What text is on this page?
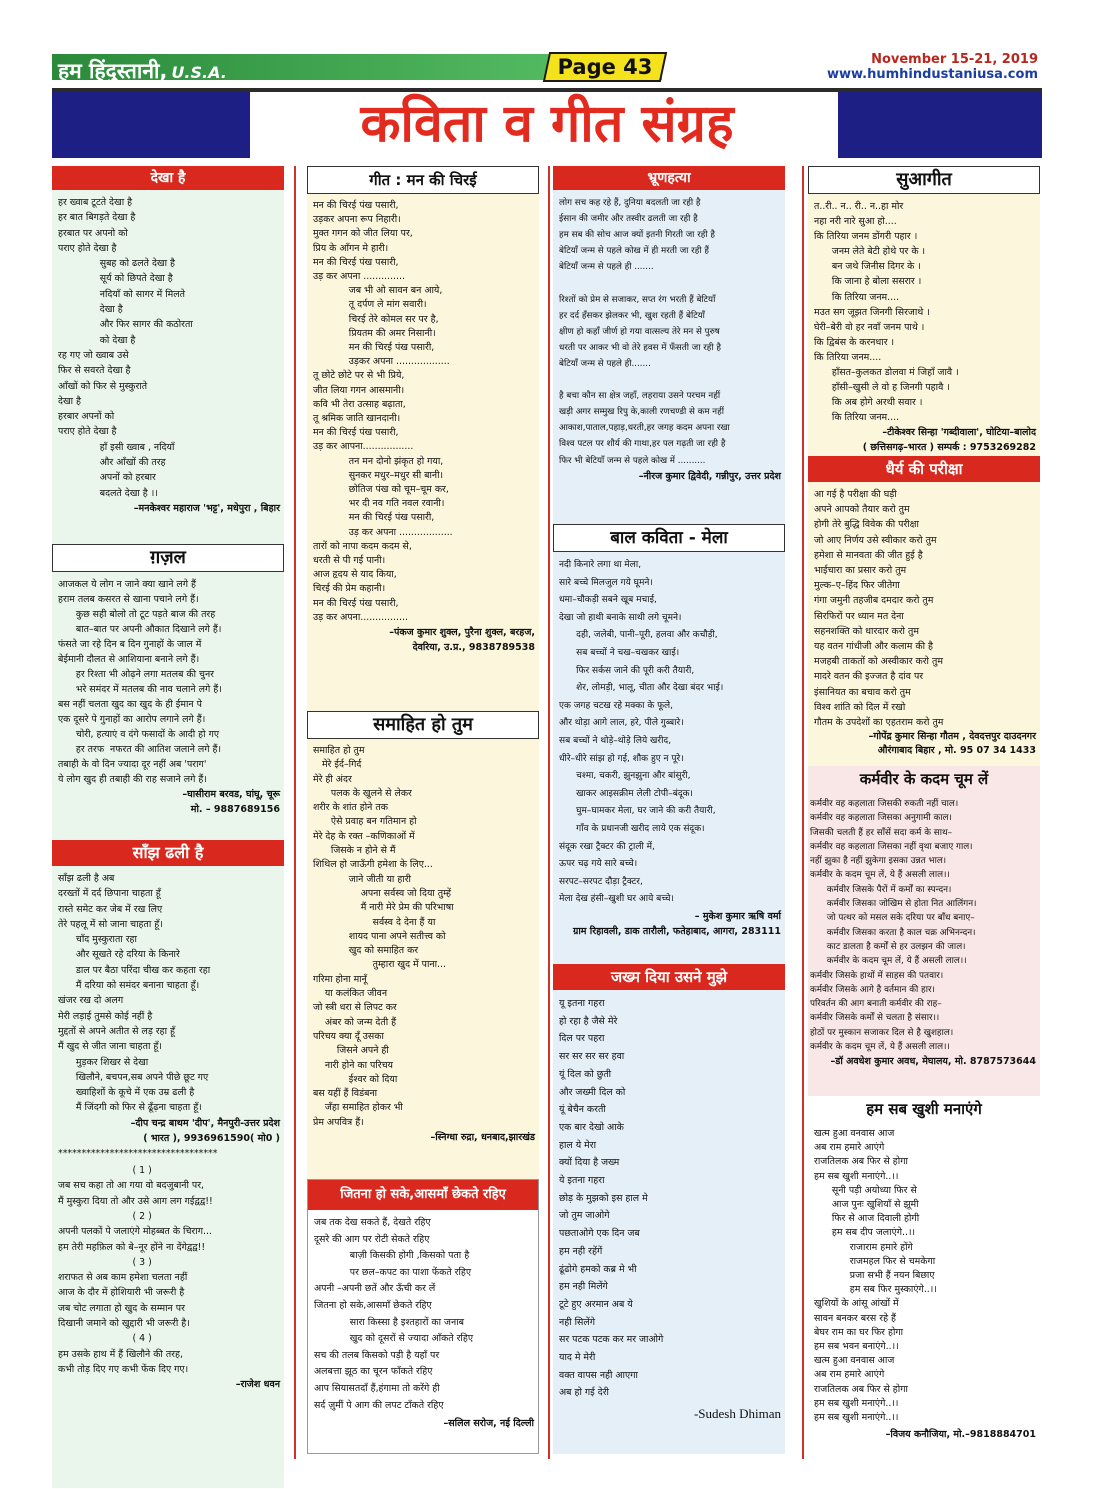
हम हिंदुस्तानी, U.S.A.	Page 43	November 15-21, 2019
www.humhindustaniusa.com
कविता व गीत संग्रह
देखा है
हर ख्वाब टूटते देखा है
हर बात बिगड़ते देखा है
हरबात पर अपनो को
पराए होते देखा है
सुबह को ढलते देखा है
सूर्य को छिपते देखा है
नदियाँ को सागर में मिलते
देखा है
और फिर सागर की कठोरता
को देखा है
रह गए जो ख्वाब उसे
फिर से सवरते देखा है
आँखों को फिर से मुस्कुराते
देखा है
हरबार अपनों को
पराए होते देखा है
हाँ इसी ख्वाब , नदियाँ
और आँखों की तरह
अपनों को हरबार
बदलते देखा है ।।
–मनकेश्वर महाराज 'भट्ट', मधेपुरा , बिहार
ग़ज़ल
आजकल ये लोग न जाने क्या खाने लगे हैं
हराम तलब कसरत से खाना पचाने लगे हैं।
कुछ सही बोलो तो टूट पड़ते बाज की तरह
बात–बात पर अपनी औकात दिखाने लगे हैं।
फंसते जा रहे दिन ब दिन गुनाहों के जाल में
बेईमानी दौलत से आशियाना बनाने लगे हैं।
हर रिश्ता भी ओढ़ने लगा मतलब की चुनर
भरे समंदर में मतलब की नाव चलाने लगे हैं।
बस नहीं चलता खुद का खुद के ही ईमान पे
एक दूसरे पे गुनाहों का आरोप लगाने लगे हैं।
चोरी, हत्याएं व दंगे फसादों के आदी हो गए
हर तरफ  नफरत की आतिश जलाने लगे हैं।
तबाही के वो दिन ज्यादा दूर नहीं अब 'पराग'
ये लोग खुद ही तबाही की राह सजाने लगे हैं।
–घासीराम बरवड, घांघू, चूरू
मो. – 9887689156
साँझ ढली है
साँझ ढली है अब
दरख्तों में दर्द छिपाना चाहता हूँ
रास्ते समेट कर जेब में रख लिए
तेरे पहलू में सो जाना चाहता हूँ।
चाँद मुस्कुराता रहा
और सूखते रहे दरिया के किनारे
डाल पर बैठा परिंदा चीख कर कहता रहा
मैं दरिया को समंदर बनाना चाहता हूँ।
खंजर रख दो अलग
मेरी लड़ाई तुमसे कोई नहीं है
मुद्दतों से अपने अतीत से लड़ रहा हूँ
मैं खुद से जीत जाना चाहता हूँ।
मुड़कर शिखर से देखा
खिलौने, बचपन,सब अपने पीछे छूट गए
ख्वाहिशों के कूचे में एक उम्र ढली है
मैं जिंदगी को फिर से ढूँढ़ना चाहता हूँ।
–दीप चन्द्र बाथम 'दीप', मैनपुरी-उत्तर प्रदेश
( भारत ), 9936961590( मो0 )
**********************************
( 1 )
जब सच कहा तो आ गया वो बदजुबानी पर,
मैं मुस्कुरा दिया तो और उसे आग लग गईद्वद्व!!
( 2 )
अपनी पलकों पे जलाएंगे मोहब्बत के चिराग...
हम तेरी महफ़िल को बे–नूर होंने ना देंगेद्वद्व!!
( 3 )
शराफत से अब काम हमेशा चलता नहीं
आज के दौर में होशियारी भी जरूरी है
जब चोट लगाता हो खुद के सम्मान पर
दिखानी जमाने को खुद्दारी भी जरूरी है।
( 4 )
हम उसके हाथ में हैं खिलौने की तरह,
कभी तोड़ दिए गए कभी फेंक दिए गए।
–राजेश धवन
गीत : मन की चिरई
मन की चिरई पंख पसारी,
उड़कर अपना रूप निहारी।
मुक्त गगन को जीत लिया पर,
प्रिय के आँगन मे हारी।
मन की चिरई पंख पसारी,
उड़ कर अपना ..............
जब भी ओ सावन बन आये,
तू दर्पण ले मांग सवारी।
चिरई तेरे कोमल सर पर है,
प्रियतम की अमर निसानी।
मन की चिरई पंख पसारी,
उड़कर अपना ..................
तू छोटे छोटे पर से भी प्रिये,
जीत लिया गगन आसमानी।
कवि भी तेरा उत्साह बढ़ाता,
तू श्रमिक जाति खानदानी।
मन की चिरई पंख पसारी,
उड़ कर आपना.................
तन मन दोनो झंकृत हो गया,
सुनकर मधुर–मधुर सी बानी।
छोतिज पंख को चूम–चूम कर,
भर दी नव गति नवल रवानी।
मन की चिरई पंख पसारी,
उड़ कर अपना ..................
तारों को नापा कदम कदम से,
धरती से पी गई पानी।
आज हृदय से याद किया,
चिरई की प्रेम कहानी।
मन की चिरई पंख पसारी,
उड़ कर अपना................
–पंकज कुमार शुक्ल, पुरैना शुक्ल, बरहज,
देवरिया, उ.प्र., 9838789538
समाहित हो तुम
समाहित हो तुम
मेरे ईर्द–गिर्द
मेरे ही अंदर
पलक के खुलने से लेकर
शरीर के शांत होने तक
ऐसे प्रवाह बन गतिमान हो
मेरे देह के रक्त –कणिकाओं में
जिसके न होने से मैं
शिथिल हो जाऊँगी हमेशा के लिए...
जाने जीती या हारी
अपना सर्वस्व जो दिया तुम्हें
मैं नारी मेरे प्रेम की परिभाषा
सर्वस्व दे देना हैं या
शायद पाना अपने सतीत्त्व को
खुद को समाहित कर
तुम्हारा खुद में पाना...
गरिमा होना मानूँ
या कलंकित जीवन
जो स्त्री धरा से लिपट कर
अंबर को जन्म देती हैं
परिचय क्या दूँ उसका
जिसने अपने ही
नारी होने का परिचय
ईश्वर को दिया
बस यहीं हैं विडंबना
जँहा समाहित होकर भी
प्रेम अपवित्र हैं।
–स्निग्धा रुद्रा, धनबाद,झारखंड
जितना हो सके,आसमाँ छेकते रहिए
जब तक देख सकते हैं, देखते रहिए
दूसरे की आग पर रोटी सेकते रहिए
बाज़ी किसकी होगी ,किसको पता है
पर छल–कपट का पाशा फेंकते रहिए
अपनी –अपनी छतें और ऊँची कर लें
जितना हो सके,आसमाँ छेकते रहिए
सारा किस्सा है इश्तहारों का जनाब
खुद को दूसरों से ज्यादा आँकते रहिए
सच की तलब किसको पड़ी है यहाँ पर
अलबत्ता झूठ का चूरन फाँकते रहिए
आप सियासतदाँ हैं,हंगामा तो करेंगे ही
सर्द ज़ुमीं पे आग की लपट टाँकते रहिए
–सलिल सरोज, नई दिल्ली
भ्रूणहत्या
लोग सच कह रहे हैं, दुनिया बदलती जा रही है
ईसान की जमीर और तस्वीर ढलती जा रही है
हम सब की सोच आज क्यों इतनी गिरती जा रही है
बेटियाँ जन्म से पहले कोख में ही मरती जा रही हैं
बेटियाँ जन्म से पहले ही .......

रिश्तों को प्रेम से सजाकर, सप्त रंग भरती हैं बेटियाँ
हर दर्द हँसकर झेलकर भी, खुश रहती हैं बेटियाँ
क्षीण हो कहाँ जीर्ण हो गया वात्सल्य तेरे मन से पुरुष
धरती पर आकर भी वो तेरे हवस में फँसती जा रही है
बेटियाँ जन्म से पहले ही.......

है बचा कौन सा क्षेत्र जहाँ, लहराया उसने परचम नहीं
खड़ी अगर सम्मुख रिपु के,काली रणचण्डी से कम नहीं
आकाश,पाताल,पहाड़,धरती,हर जगह कदम अपना रखा
विश्व पटल पर शौर्य की गाथा,हर पल गढ़ती जा रही है
फिर भी बेटियाँ जन्म से पहले कोख में ..........
–नीरज कुमार द्विवेदी, गन्नीपुर, उत्तर प्रदेश
बाल कविता - मेला
नदी किनारे लगा था मेला,
सारे बच्चे मिलजुल गये घूमने।
धमा–चौकड़ी सबने खूब मचाई,
देखा जो हाथी बनाके साथी लगे चूमने।
दही, जलेबी, पानी–पूरी, हलवा और कचौड़ी,
सब बच्चों ने चख–चखकर खाई।
फिर सर्कस जाने की पूरी करी तैयारी,
शेर, लोमड़ी, भालू, चीता और देखा बंदर भाई।
एक जगह चटख रहे मक्का के फूले,
और थोड़ा आगे लाल, हरे, पीले गुब्बारे।
सब बच्चों ने थोड़े–थोड़े लिये खरीद,
धीरे–धीरे सांझ हो गई, शौक हुए न पूरे।
चश्मा, चकरी, झुनझुना और बांसुरी,
खाकर आइसक्रीम लेली टोपी–बंदूक।
घुम–घामकर मेला, घर जाने की करी तैयारी,
गाँव के प्रधानजी खरीद लाये एक संदूक।
संदूक रखा ट्रैक्टर की ट्राली में,
ऊपर चढ़ गये सारे बच्चे।
सरपट–सरपट दौड़ा ट्रैक्टर,
मेला देख हंसी–खुशी घर आये बच्चे।
– मुकेश कुमार ऋषि वर्मा
ग्राम रिहावली, डाक तारौली, फतेहाबाद, आगरा, 283111
जख्म दिया उसने मुझे
यू इतना गहरा
हो रहा है जैसे मेरे
दिल पर पहरा
सर सर सर सर हवा
यूं दिल को छुती
और जख्मी दिल को
यूं बेचैन करती
एक बार देखो आके
हाल ये मेरा
क्यों दिया है जख्म
ये इतना गहरा
छोड़ के मुझको इस हाल मे
जो तुम जाओगे
पछताओगे एक दिन जब
हम नही रहेंगें
ढूंढोगे हमको कब्र मे भी
हम नही मिलेंगे
टूटे हुए अरमान अब ये
नही सिलेंगे
सर पटक पटक कर मर जाओगे
याद मे मेरी
वक्त वापस नही आएगा
अब हो गई देरी
-Sudesh Dhiman
सुआगीत
त..री.. न.. री.. न..हा मोर
नहा नरी नारे सुआ हो....
कि तिरिया जनम डोंगरी पहार ।
जनम लेते बेटी होथे पर के ।
बन जथे जिनीस दिगर के ।
कि जाना हे बोला ससरार ।
कि तिरिया जनम....
मउत सग जूझत जिनगी सिरजाथे ।
घेरी–बेरी वो हर नवाँ जनम पाथे ।
कि द्विबंस के करनधार ।
कि तिरिया जनम....
हाँसत–कुलकत डोलवा मं जिहाँ जावै ।
हाँसी–खुसी ले वो ह जिनगी पहावै ।
कि अब होगे अरथी सवार ।
कि तिरिया जनम....
–टीकेश्वर सिन्हा 'गब्दीवाला', घोटिया–बालोद
( छत्तिसगढ़–भारत ) सम्पर्क : 9753269282
धैर्य की परीक्षा
आ गई है परीक्षा की घड़ी
अपने आपको तैयार करो तुम
होगी तेरे बुद्धि विवेक की परीक्षा
जो आए निर्णय उसे स्वीकार करो तुम
हमेशा से मानवता की जीत हुई है
भाईचारा का प्रसार करो तुम
मुल्क–ए–हिंद फिर जीतेगा
गंगा जमुनी तहजीब दमदार करो तुम
सिरफिरों पर ध्यान मत देना
सहनशक्ति को धारदार करो तुम
यह वतन गांधीजी और कलाम की है
मजहबी ताकतों को अस्वीकार करो तुम
मादरे वतन की इज्जत है दांव पर
इंसानियत का बचाव करो तुम
विश्व शांति को दिल में रखो
गौतम के उपदेशों का एहतराम करो तुम
–गोपेंद्र कुमार सिन्हा गौतम , देवदत्तपुर दाउदनगर
औरंगाबाद बिहार , मो. 95 07 34 1433
कर्मवीर के कदम चूम लें
कर्मवीर वह कहलाता जिसकी रुकती नहीं चाल।
कर्मवीर वह कहलाता जिसका अनुगामी काल।
जिसकी चलती हैं हर साँसें सदा कर्म के साथ–
कर्मवीर वह कहलाता जिसका नहीं वृथा बजाए गाल।
नहीं झुका है नहीं झुकेगा इसका उन्नत भाल।
कर्मवीर के कदम चूम लें, ये हैं असली लाल।।
कर्मवीर जिसके पैरों में कर्मों का स्पन्दन।
कर्मवीर जिसका जोखिम से होता नित आलिंगन।
जो पत्थर को मसल सके दरिया पर बाँध बनाए–
कर्मवीर जिसका करता है काल चक्र अभिनन्दन।
काट डालता है कर्मों से हर उलझन की जाल।
कर्मवीर के कदम चूम लें, ये हैं असली लाल।।
कर्मवीर जिसके हाथों में साहस की पतवार।
कर्मवीर जिसके आगे है वर्तमान की हार।
परिवर्तन की आग बनाती कर्मवीर की राह–
कर्मवीर जिसके कर्मों से चलता है संसार।।
होठों पर मुस्कान सजाकर दिल से है खुशहाल।
कर्मवीर के कदम चूम लें, ये हैं असली लाल।।
–डॉ अवधेश कुमार अवध, मेघालय, मो. 8787573644
हम सब खुशी मनाएंगे
खत्म हुआ वनवास आज
अब राम हमारे आएंगे
राजतिलक अब फिर से होगा
हम सब खुशी मनाएंगे..।।
सूनी पड़ी अयोध्या फिर से
आज पुनः खुशियाँ से झूमी
फिर से आज दिवाली होगी
हम सब दीप जलाएंगे..।।
राजाराम हमारे होंगे
राजमहल फिर से चमकेगा
प्रजा सभी हैं नयन बिछाए
हम सब फिर मुस्काएंगे..।।
खुशियों के आंसू आंखों में
सावन बनकर बरस रहे हैं
बेघर राम का घर फिर होगा
हम सब भवन बनाएंगे..।।
खत्म हुआ वनवास आज
अब राम हमारे आएंगे
राजतिलक अब फिर से होगा
हम सब खुशी मनाएंगे..।।
हम सब खुशी मनाएंगे..।।
–विजय कनौजिया, मो.–9818884701
